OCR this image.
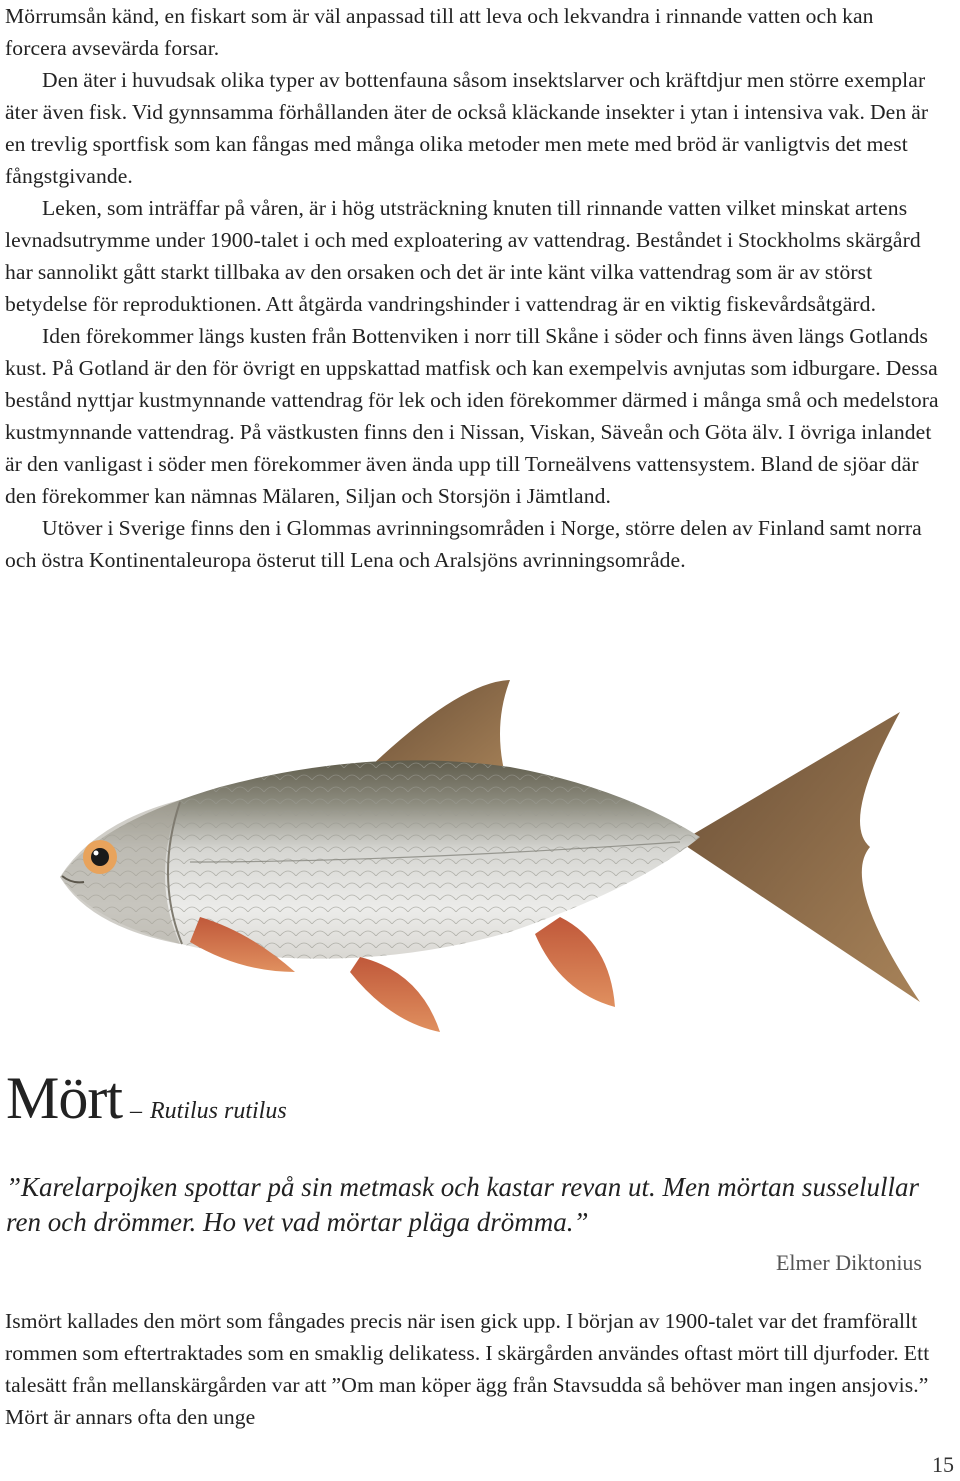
Mörrumsån känd, en fiskart som är väl anpassad till att leva och lekvandra i rinnande vatten och kan forcera avsevärda forsar.

Den äter i huvudsak olika typer av bottenfauna såsom insektslarver och kräftdjur men större exemplar äter även fisk. Vid gynnsamma förhållanden äter de också kläckande insekter i ytan i intensiva vak. Den är en trevlig sportfisk som kan fångas med många olika metoder men mete med bröd är vanligtvis det mest fångstgivande.

Leken, som inträffar på våren, är i hög utsträckning knuten till rinnande vatten vilket minskat artens levnadsutrymme under 1900-talet i och med exploatering av vattendrag. Beståndet i Stockholms skärgård har sannolikt gått starkt tillbaka av den orsaken och det är inte känt vilka vattendrag som är av störst betydelse för reproduktionen. Att åtgärda vandringshinder i vattendrag är en viktig fiskevårdsåtgärd.

Iden förekommer längs kusten från Bottenviken i norr till Skåne i söder och finns även längs Gotlands kust. På Gotland är den för övrigt en uppskattad matfisk och kan exempelvis avnjutas som idburgare. Dessa bestånd nyttjar kustmynnande vattendrag för lek och iden förekommer därmed i många små och medelstora kustmynnande vattendrag. På västkusten finns den i Nissan, Viskan, Säveån och Göta älv. I övriga inlandet är den vanligast i söder men förekommer även ända upp till Torneälvens vattensystem. Bland de sjöar där den förekommer kan nämnas Mälaren, Siljan och Storsjön i Jämtland.

Utöver i Sverige finns den i Glommas avrinningsområden i Norge, större delen av Finland samt norra och östra Kontinentaleuropa österut till Lena och Aralsjöns avrinningsområde.

Mört – Rutilus rutilus
”Karelarpojken spottar på sin metmask och kastar revan ut. Men mörtan susselullar ren och drömmer. Ho vet vad mörtar pläga drömma.”
Elmer Diktonius

Ismört kallades den mört som fångades precis när isen gick upp. I början av 1900-talet var det framförallt rommen som eftertraktades som en smaklig delikatess. I skärgården användes oftast mört till djurfoder. Ett talesätt från mellanskärgården var att ”Om man köper ägg från Stavsudda så behöver man ingen ansjovis.” Mört är annars ofta den unge

15
